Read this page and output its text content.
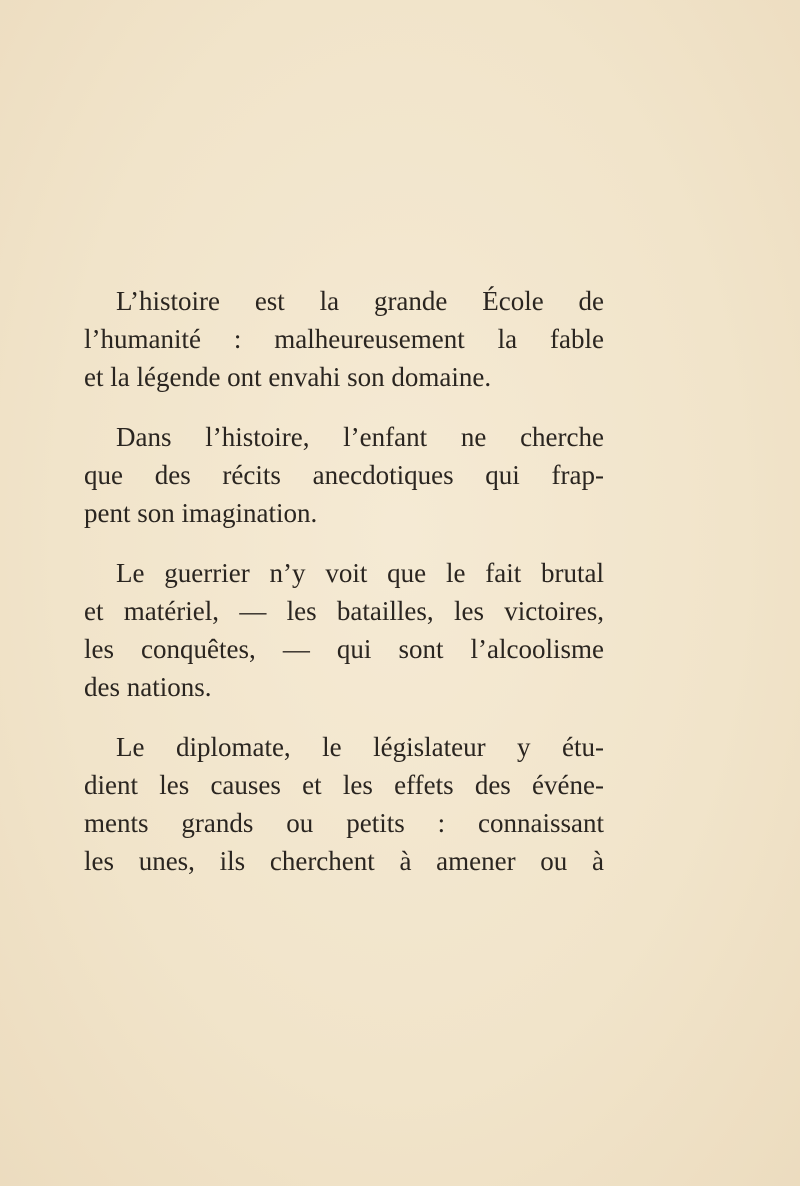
L’histoire est la grande École de
l’humanité : malheureusement la fable
et la légende ont envahi son domaine.

Dans l’histoire, l’enfant ne cherche
que des récits anecdotiques qui frap-
pent son imagination.

Le guerrier n’y voit que le fait brutal
et matériel, — les batailles, les victoires,
les conquêtes, — qui sont l’alcoolisme
des nations.

Le diplomate, le législateur y étu-
dient les causes et les effets des événe-
ments grands ou petits : connaissant
les unes, ils cherchent à amener ou à
